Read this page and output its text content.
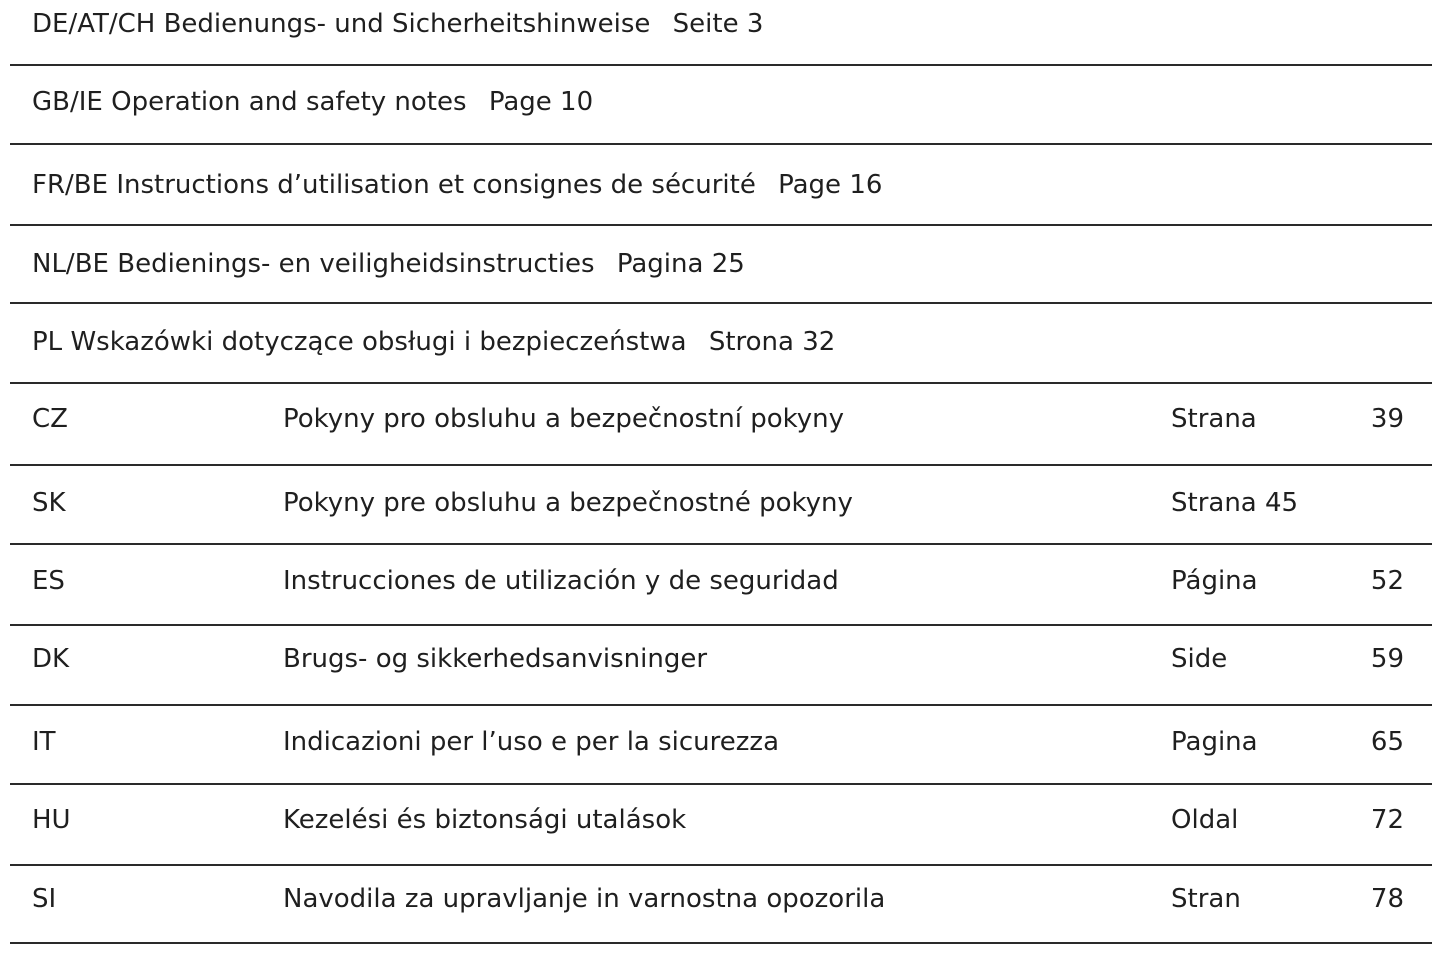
DE/AT/CH Bedienungs- und Sicherheitshinweise Seite 3
GB/IE Operation and safety notes Page 10
FR/BE Instructions d’utilisation et consignes de sécurité Page 16
NL/BE Bedienings- en veiligheidsinstructies Pagina 25
PL Wskazówki dotyczące obsługi i bezpieczeństwa Strona 32
CZ	Pokyny pro obsluhu a bezpečnostní pokyny	Strana	39
SK	Pokyny pre obsluhu a bezpečnostné pokyny	Strana 45
ES	Instrucciones de utilización y de seguridad	Página	52
DK	Brugs- og sikkerhedsanvisninger	Side	59
IT	Indicazioni per l’uso e per la sicurezza	Pagina	65
HU	Kezelési és biztonsági utalások	Oldal	72
SI	Navodila za upravljanje in varnostna opozorila	Stran	78
